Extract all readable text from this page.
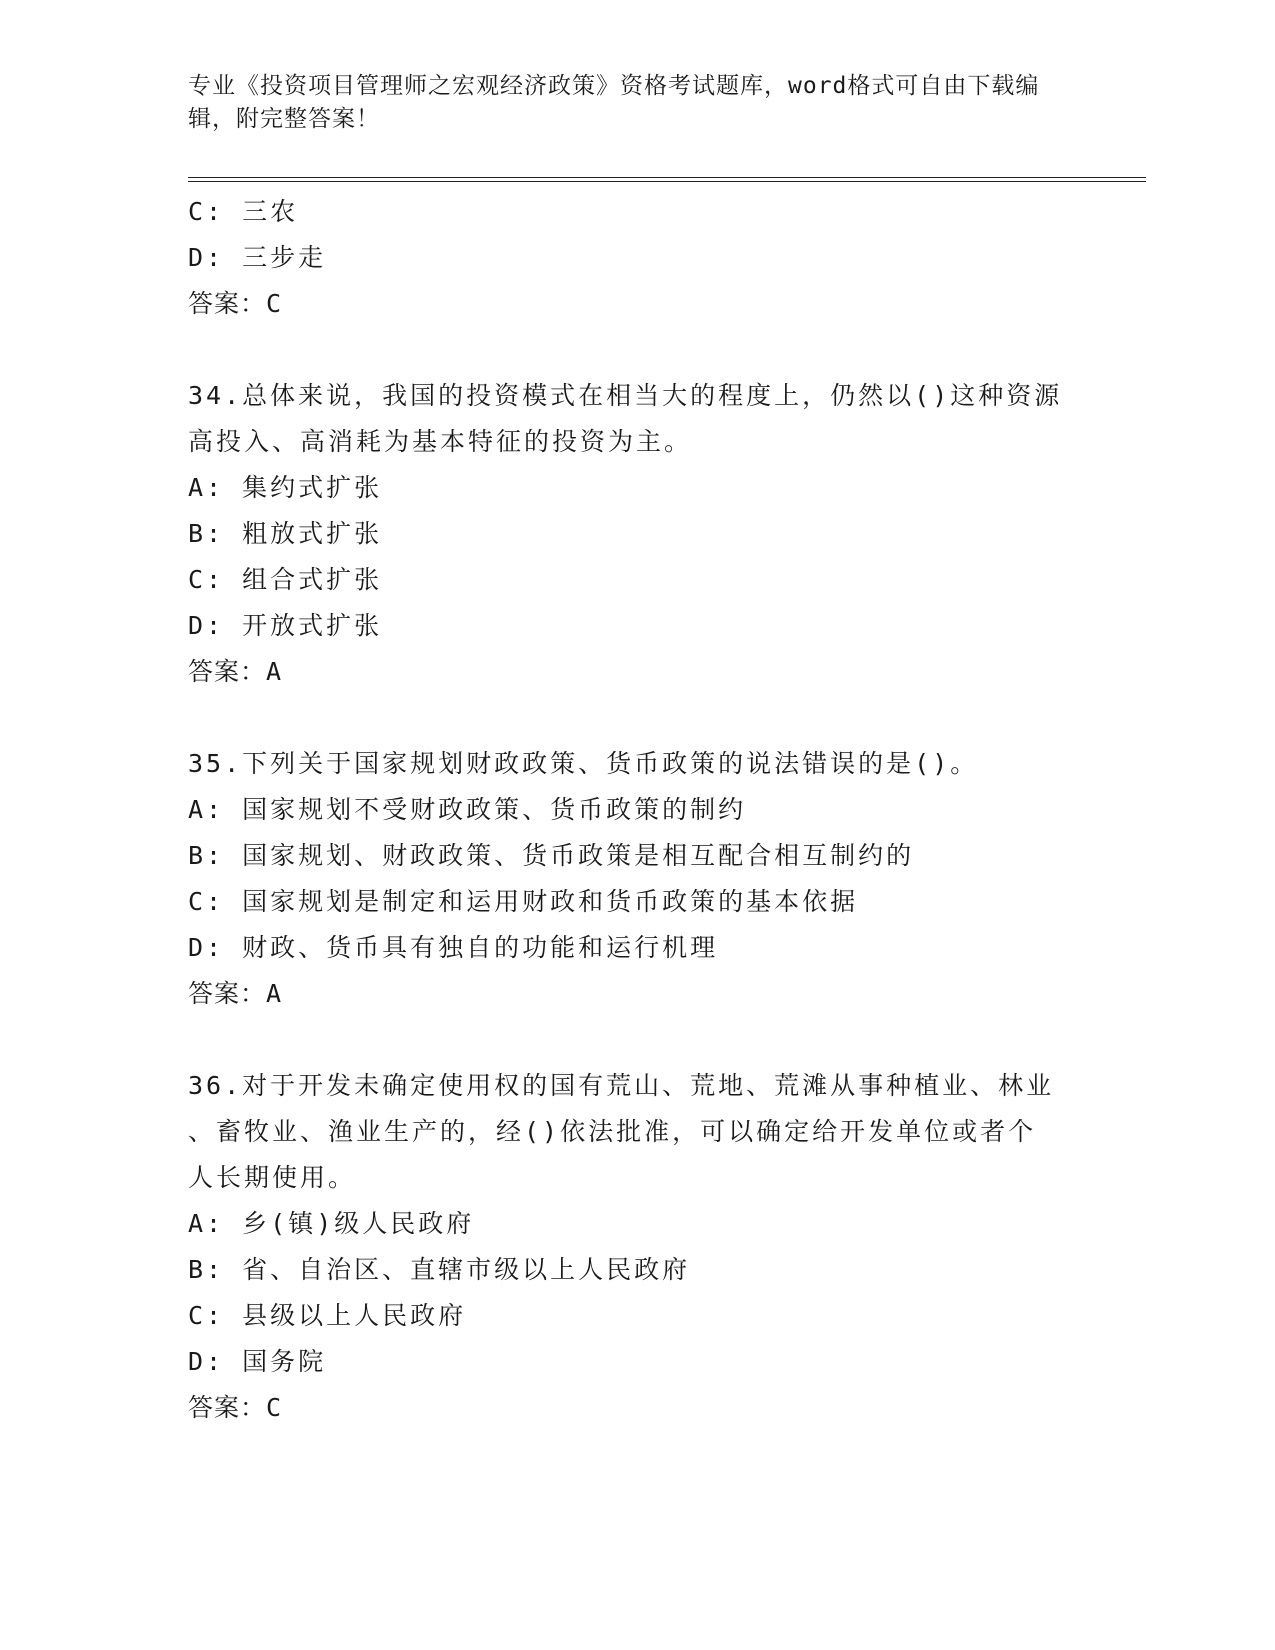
专业《投资项目管理师之宏观经济政策》资格考试题库，word格式可自由下载编
辑，附完整答案！
C: 三农
D: 三步走
答案：C
34.总体来说，我国的投资模式在相当大的程度上，仍然以()这种资源
高投入、高消耗为基本特征的投资为主。
A: 集约式扩张
B: 粗放式扩张
C: 组合式扩张
D: 开放式扩张
答案：A
35.下列关于国家规划财政政策、货币政策的说法错误的是()。
A: 国家规划不受财政政策、货币政策的制约
B: 国家规划、财政政策、货币政策是相互配合相互制约的
C: 国家规划是制定和运用财政和货币政策的基本依据
D: 财政、货币具有独自的功能和运行机理
答案：A
36.对于开发未确定使用权的国有荒山、荒地、荒滩从事种植业、林业
、畜牧业、渔业生产的，经()依法批准，可以确定给开发单位或者个
人长期使用。
A: 乡(镇)级人民政府
B: 省、自治区、直辖市级以上人民政府
C: 县级以上人民政府
D: 国务院
答案：C
